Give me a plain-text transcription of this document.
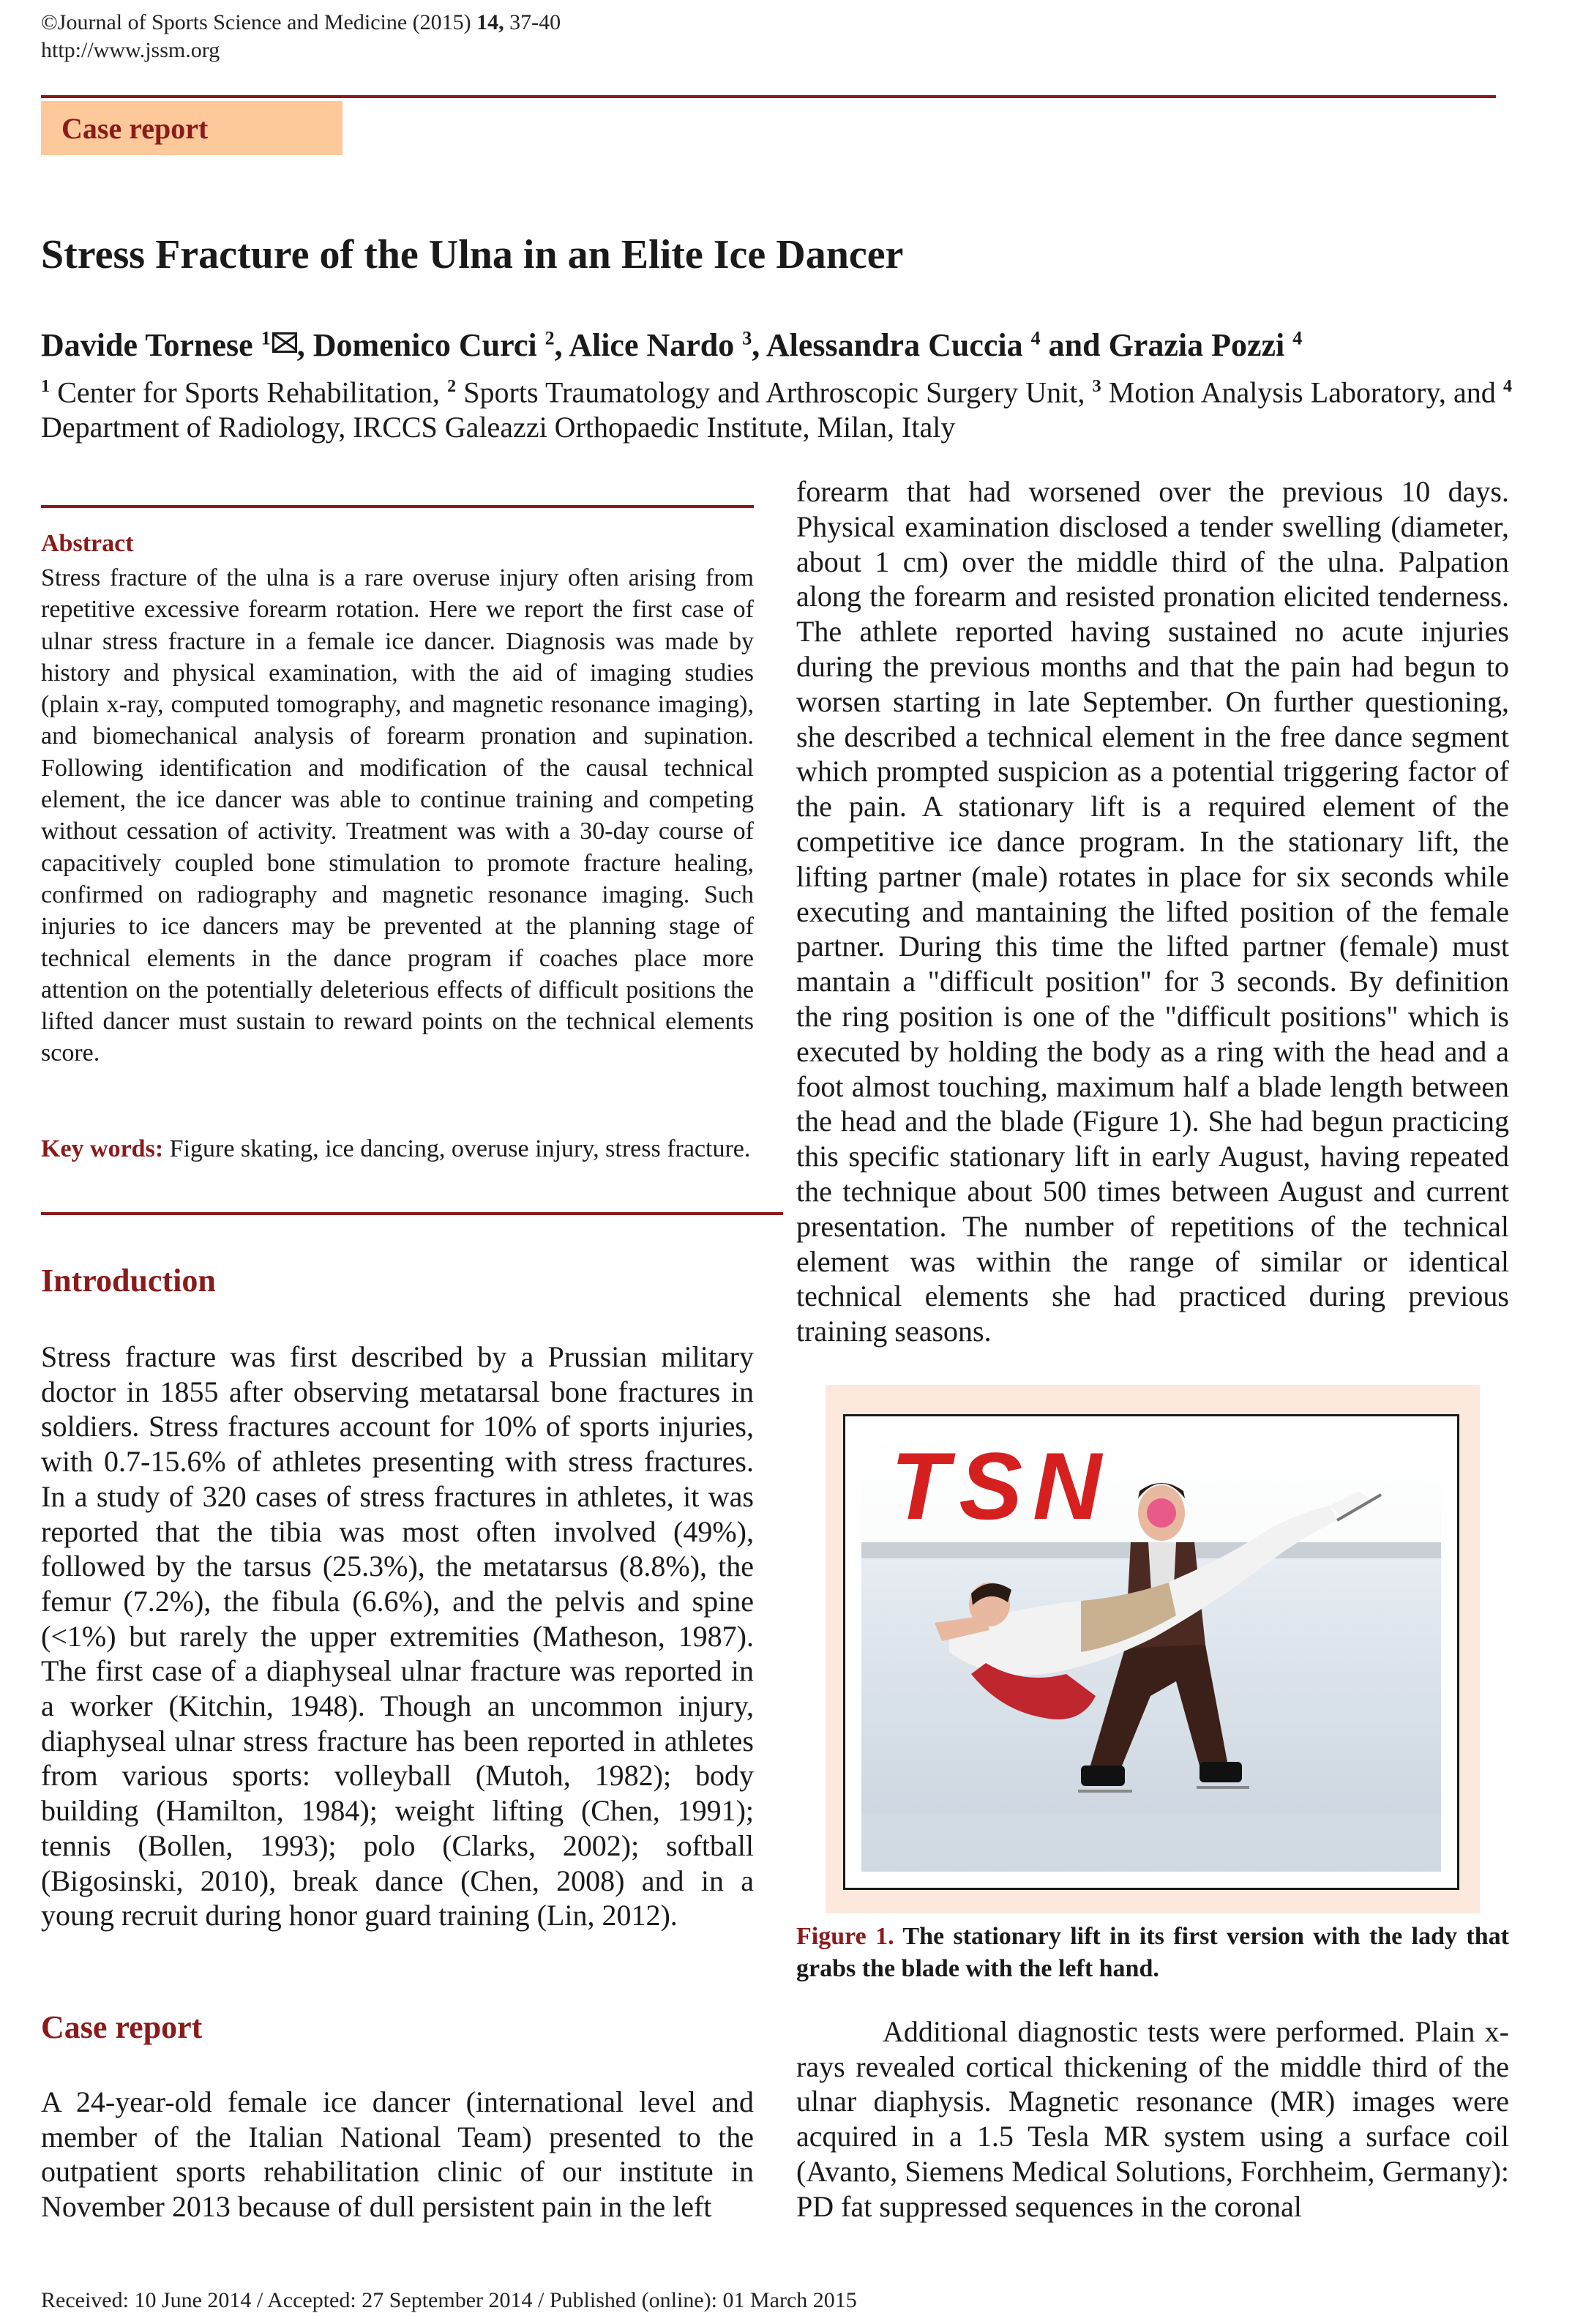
©Journal of Sports Science and Medicine (2015) 14, 37-40
http://www.jssm.org
Case report
Stress Fracture of the Ulna in an Elite Ice Dancer
Davide Tornese $^1$ , Domenico Curci $^2$, Alice Nardo $^3$, Alessandra Cuccia $^4$ and Grazia Pozzi $^4$
$^1$ Center for Sports Rehabilitation, $^2$ Sports Traumatology and Arthroscopic Surgery Unit, $^3$ Motion Analysis Laboratory, and $^4$ Department of Radiology, IRCCS Galeazzi Orthopaedic Institute, Milan, Italy
Abstract

Stress fracture of the ulna is a rare overuse injury often arising from repetitive excessive forearm rotation. Here we report the first case of ulnar stress fracture in a female ice dancer. Diagnosis was made by history and physical examination, with the aid of imaging studies (plain x-ray, computed tomography, and magnetic resonance imaging), and biomechanical analysis of forearm pronation and supination. Following identification and modification of the causal technical element, the ice dancer was able to continue training and competing without cessation of activity. Treatment was with a 30-day course of capacitively coupled bone stimulation to promote fracture healing, confirmed on radiography and magnetic resonance imaging. Such injuries to ice dancers may be prevented at the planning stage of technical elements in the dance program if coaches place more attention on the potentially deleterious effects of difficult positions the lifted dancer must sustain to reward points on the technical elements score.

Key words: Figure skating, ice dancing, overuse injury, stress fracture.

Introduction

Stress fracture was first described by a Prussian military doctor in 1855 after observing metatarsal bone fractures in soldiers. Stress fractures account for 10% of sports injuries, with 0.7-15.6% of athletes presenting with stress fractures. In a study of 320 cases of stress fractures in athletes, it was reported that the tibia was most often involved (49%), followed by the tarsus (25.3%), the metatarsus (8.8%), the femur (7.2%), the fibula (6.6%), and the pelvis and spine (<1%) but rarely the upper extremities (Matheson, 1987). The first case of a diaphyseal ulnar fracture was reported in a worker (Kitchin, 1948). Though an uncommon injury, diaphyseal ulnar stress fracture has been reported in athletes from various sports: volleyball (Mutoh, 1982); body building (Hamilton, 1984); weight lifting (Chen, 1991); tennis (Bollen, 1993); polo (Clarks, 2002); softball (Bigosinski, 2010), break dance (Chen, 2008) and in a young recruit during honor guard training (Lin, 2012).

Case report

A 24-year-old female ice dancer (international level and member of the Italian National Team) presented to the outpatient sports rehabilitation clinic of our institute in November 2013 because of dull persistent pain in the left

forearm that had worsened over the previous 10 days. Physical examination disclosed a tender swelling (diameter, about 1 cm) over the middle third of the ulna. Palpation along the forearm and resisted pronation elicited tenderness. The athlete reported having sustained no acute injuries during the previous months and that the pain had begun to worsen starting in late September. On further questioning, she described a technical element in the free dance segment which prompted suspicion as a potential triggering factor of the pain. A stationary lift is a required element of the competitive ice dance program. In the stationary lift, the lifting partner (male) rotates in place for six seconds while executing and mantaining the lifted position of the female partner. During this time the lifted partner (female) must mantain a "difficult position" for 3 seconds. By definition the ring position is one of the "difficult positions" which is executed by holding the body as a ring with the head and a foot almost touching, maximum half a blade length between the head and the blade (Figure 1). She had begun practicing this specific stationary lift in early August, having repeated the technique about 500 times between August and current presentation. The number of repetitions of the technical element was within the range of similar or identical technical elements she had practiced during previous training seasons.

TSN

Figure 1. The stationary lift in its first version with the lady that grabs the blade with the left hand.

Additional diagnostic tests were performed. Plain x-rays revealed cortical thickening of the middle third of the ulnar diaphysis. Magnetic resonance (MR) images were acquired in a 1.5 Tesla MR system using a surface coil (Avanto, Siemens Medical Solutions, Forchheim, Germany): PD fat suppressed sequences in the coronal

Received: 10 June 2014 / Accepted: 27 September 2014 / Published (online): 01 March 2015
